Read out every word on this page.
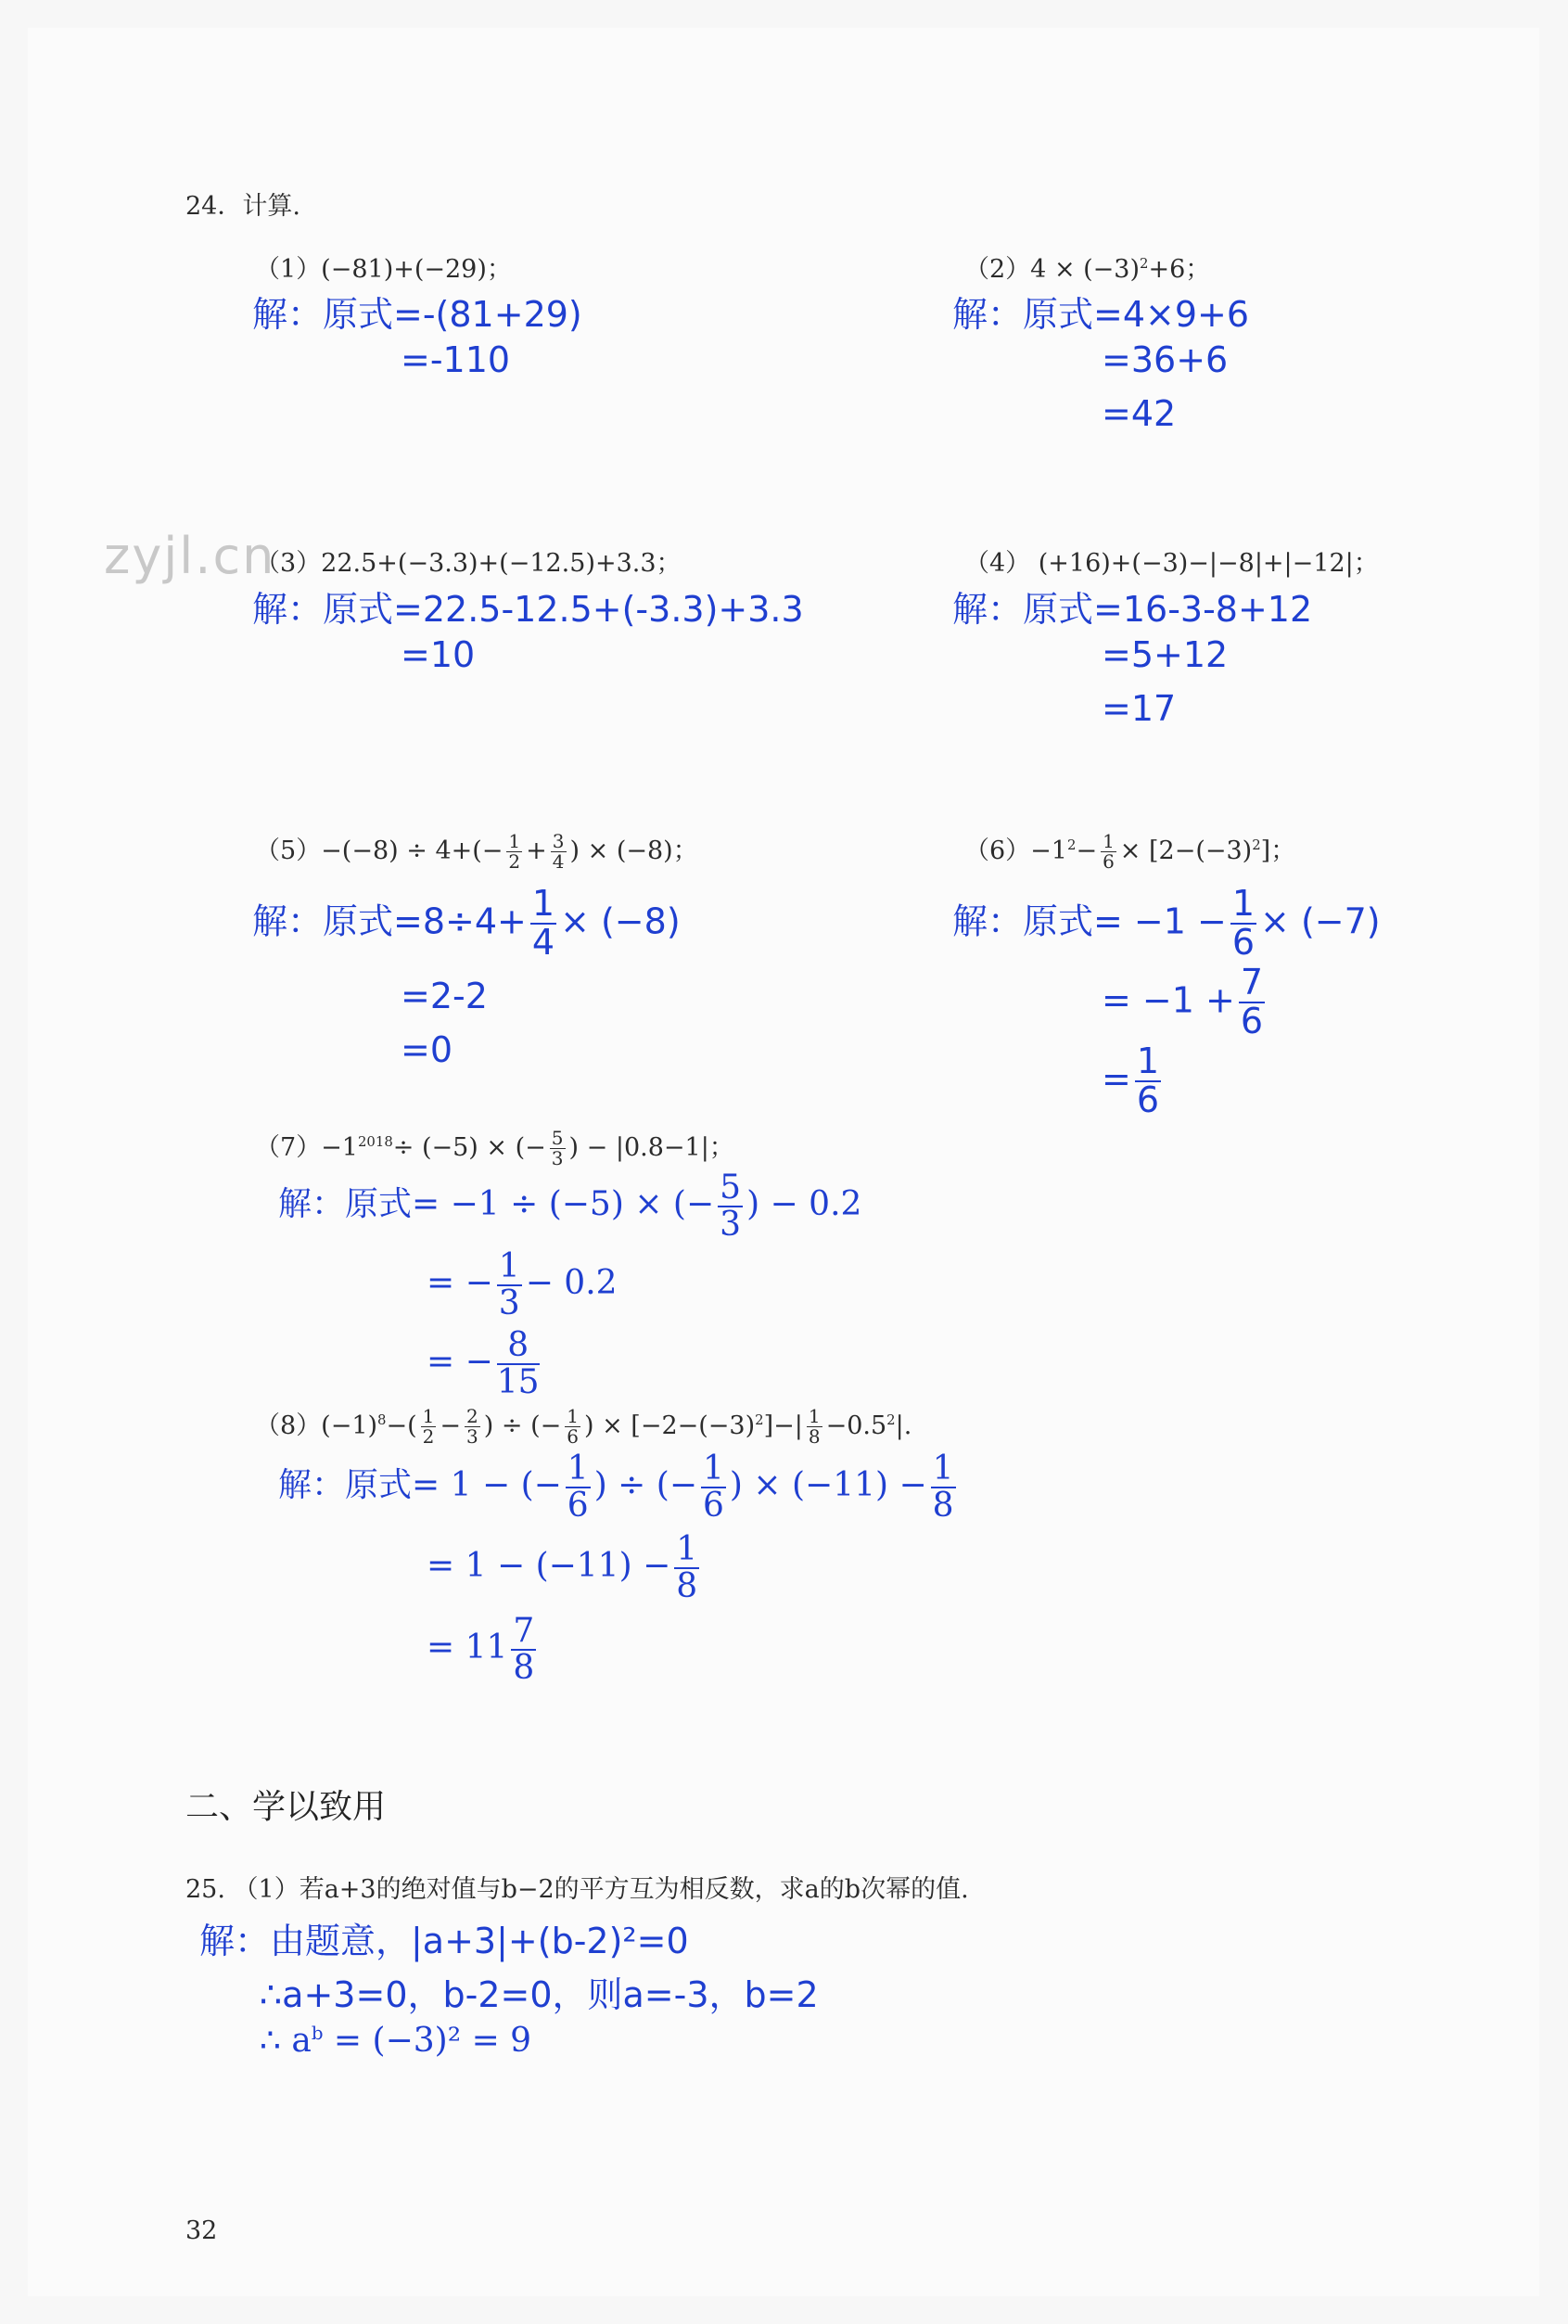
zyjl.cn
24．计算.
（1）(−81)+(−29)；
解：原式=-(81+29)
=-110
$(2)4 \times (-3)^2+6$；
解：原式=4×9+6
=36+6
=42
（3）22.5+(−3.3)+(−12.5)+3.3；
解：原式=22.5-12.5+(-3.3)+3.3
=10
（4） (+16)+(−3)−|−8|+|−12|；
解：原式=16-3-8+12
=5+12
=17
$(5)-(-8) \div 4+(- \frac{1}{2} + \frac{3}{4}$ ) × (−8)；
解：原式$=8\div 4+ \frac{1}{4} \times (-8)$
=2-2
=0
$(6)-1^2- \frac{1}{6} \times [2-(-3)^2]$；
解：原式= $-1 - \frac{1}{6} \times (-7)$
= $-1 + \frac{7}{6}$
= $\frac{1}{6}$
$(7)-1^{2018}\div (-5)$ × (− $\frac{5}{3}$ ) − |0.8−1|；
解：原式= −1 ÷ (−5) × (− $\frac{5}{3}$ ) − 0.2
= − $\frac{1}{3} - 0.2$
= − $\frac{8}{15}$
$(8)(-1)^8-( \frac{1}{2} - \frac{2}{3}$ ) ÷ (− $\frac{1}{6}$ ) × $[-2-(-3)^2]-| \frac{1}{8} -0.5^2|$.
解：原式= 1 − (− $\frac{1}{6}$ ) ÷ (− $\frac{1}{6}$ ) × $(-11) - \frac{1}{8}$
= $1 - (-11) - \frac{1}{8}$
= $11 \frac{7}{8}$
二、学以致用
25. （1）若a+3的绝对值与b−2的平方互为相反数，求a的b次幂的值.
解：由题意，|a+3|+(b-2)²=0
∴a+3=0，b-2=0，则a=-3，b=2
∴ $a^b = (-3)^2 = 9$
32
